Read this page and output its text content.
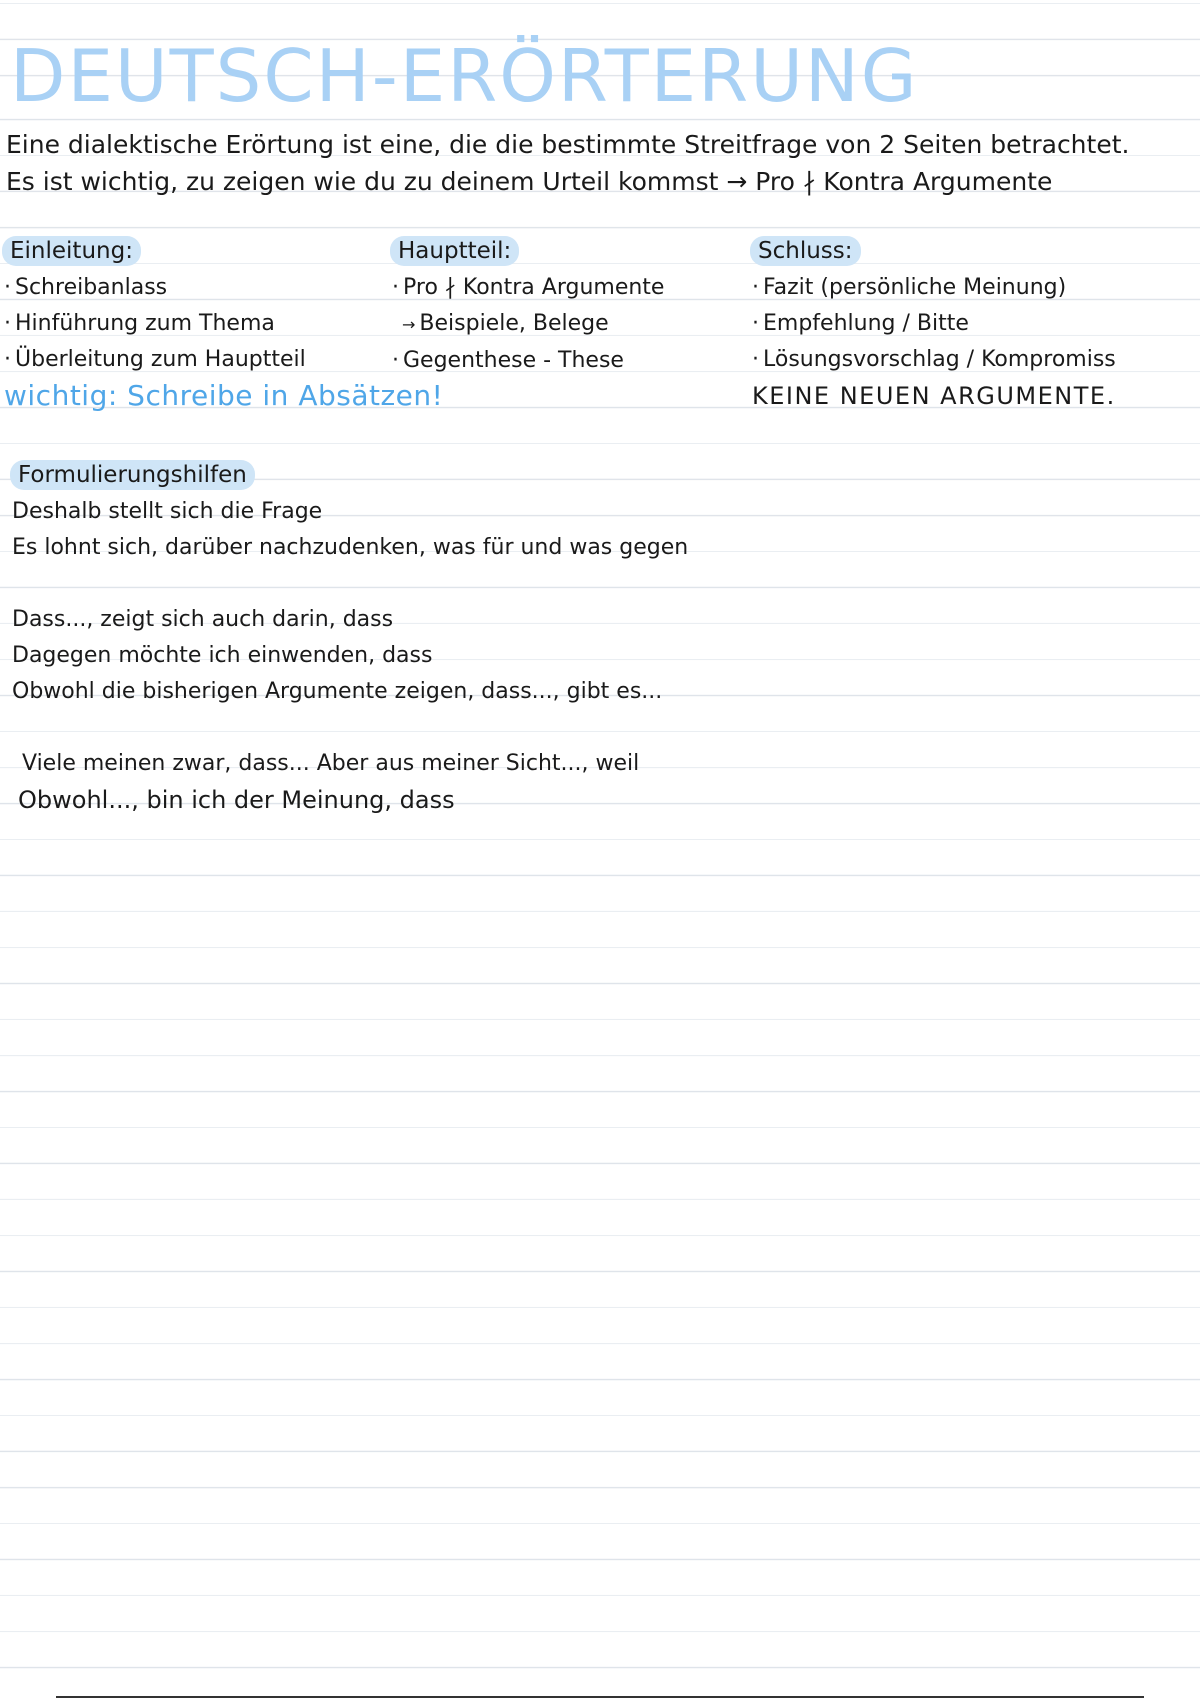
DEUTSCH-ERÖRTERUNG

Eine dialektische Erörtung ist eine, die die bestimmte Streitfrage von 2 Seiten betrachtet.

Es ist wichtig, zu zeigen wie du zu deinem Urteil kommst → Pro ∤ Kontra Argumente

Einleitung:
· Schreibanlass
· Hinführung zum Thema
· Überleitung zum Hauptteil
wichtig: Schreibe in Absätzen!
Hauptteil:
· Pro ∤ Kontra Argumente
→ Beispiele, Belege
· Gegenthese - These
Schluss:
· Fazit (persönliche Meinung)
· Empfehlung / Bitte
· Lösungsvorschlag / Kompromiss
KEINE NEUEN ARGUMENTE.
Formulierungshilfen
Deshalb stellt sich die Frage
Es lohnt sich, darüber nachzudenken, was für und was gegen
Dass..., zeigt sich auch darin, dass
Dagegen möchte ich einwenden, dass
Obwohl die bisherigen Argumente zeigen, dass..., gibt es...
Viele meinen zwar, dass... Aber aus meiner Sicht..., weil
Obwohl..., bin ich der Meinung, dass
